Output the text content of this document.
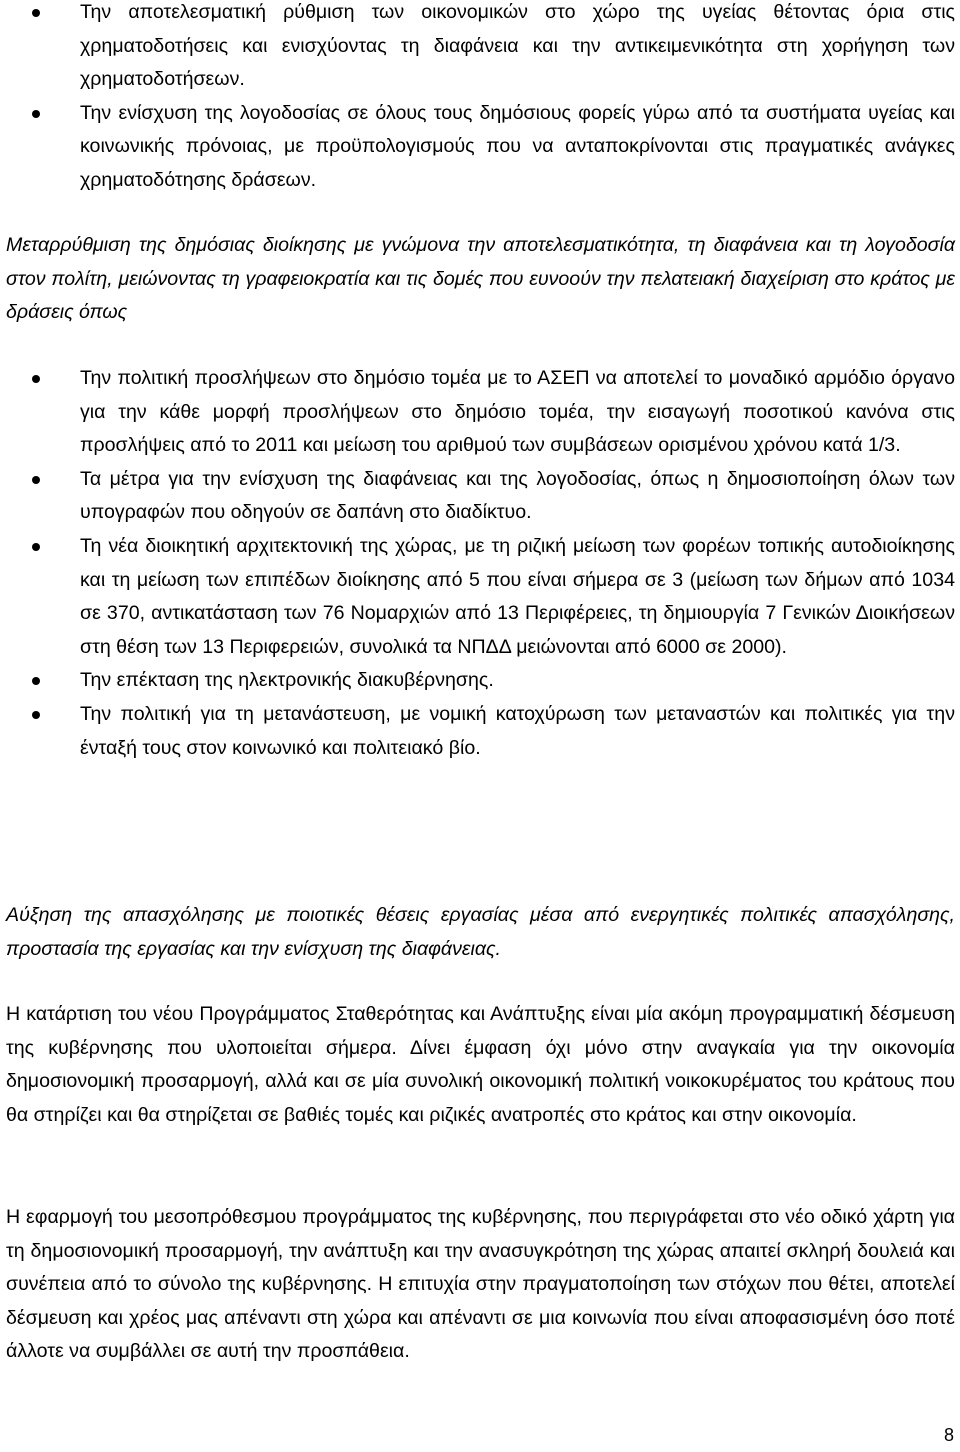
Την αποτελεσματική ρύθμιση των οικονομικών στο χώρο της υγείας θέτοντας όρια στις χρηματοδοτήσεις και ενισχύοντας τη διαφάνεια και την αντικειμενικότητα στη χορήγηση των χρηματοδοτήσεων.
Την ενίσχυση της λογοδοσίας σε όλους τους δημόσιους φορείς γύρω από τα συστήματα υγείας και κοινωνικής πρόνοιας, με προϋπολογισμούς που να ανταποκρίνονται στις πραγματικές ανάγκες χρηματοδότησης δράσεων.

Μεταρρύθμιση της δημόσιας διοίκησης με γνώμονα την αποτελεσματικότητα, τη διαφάνεια και τη λογοδοσία στον πολίτη, μειώνοντας τη γραφειοκρατία και τις δομές που ευνοούν την πελατειακή διαχείριση στο κράτος με δράσεις όπως

Την πολιτική προσλήψεων στο δημόσιο τομέα με το ΑΣΕΠ να αποτελεί το μοναδικό αρμόδιο όργανο για την κάθε μορφή προσλήψεων στο δημόσιο τομέα, την εισαγωγή ποσοτικού κανόνα στις προσλήψεις από το 2011 και μείωση του αριθμού των συμβάσεων ορισμένου χρόνου κατά 1/3.
Τα μέτρα για την ενίσχυση της διαφάνειας και της λογοδοσίας, όπως η δημοσιοποίηση όλων των υπογραφών που οδηγούν σε δαπάνη στο διαδίκτυο.
Τη νέα διοικητική αρχιτεκτονική της χώρας, με τη ριζική μείωση των φορέων τοπικής αυτοδιοίκησης και τη μείωση των επιπέδων διοίκησης από 5 που είναι σήμερα σε 3 (μείωση των δήμων από 1034 σε 370, αντικατάσταση των 76 Νομαρχιών από 13 Περιφέρειες, τη δημιουργία 7 Γενικών Διοικήσεων στη θέση των 13 Περιφερειών, συνολικά τα ΝΠΔΔ μειώνονται από 6000 σε 2000).
Την επέκταση της ηλεκτρονικής διακυβέρνησης.
Την πολιτική για τη μετανάστευση, με νομική κατοχύρωση των μεταναστών και πολιτικές για την ένταξή τους στον κοινωνικό και πολιτειακό βίο.

Αύξηση της απασχόλησης με ποιοτικές θέσεις εργασίας μέσα από ενεργητικές πολιτικές απασχόλησης, προστασία της εργασίας και την ενίσχυση της διαφάνειας.

Η κατάρτιση του νέου Προγράμματος Σταθερότητας και Ανάπτυξης είναι μία ακόμη προγραμματική δέσμευση της κυβέρνησης που υλοποιείται σήμερα. Δίνει έμφαση όχι μόνο στην αναγκαία για την οικονομία δημοσιονομική προσαρμογή, αλλά και σε μία συνολική οικονομική πολιτική νοικοκυρέματος του κράτους που θα στηρίζει και θα στηρίζεται σε βαθιές τομές και ριζικές ανατροπές στο κράτος και στην οικονομία.

Η εφαρμογή του μεσοπρόθεσμου προγράμματος της κυβέρνησης, που περιγράφεται στο νέο οδικό χάρτη για τη δημοσιονομική προσαρμογή, την ανάπτυξη και την ανασυγκρότηση της χώρας απαιτεί σκληρή δουλειά και συνέπεια από το σύνολο της κυβέρνησης. Η επιτυχία στην πραγματοποίηση των στόχων που θέτει, αποτελεί δέσμευση και χρέος μας απέναντι στη χώρα και απέναντι σε μια κοινωνία που είναι αποφασισμένη όσο ποτέ άλλοτε να συμβάλλει σε αυτή την προσπάθεια.

8
